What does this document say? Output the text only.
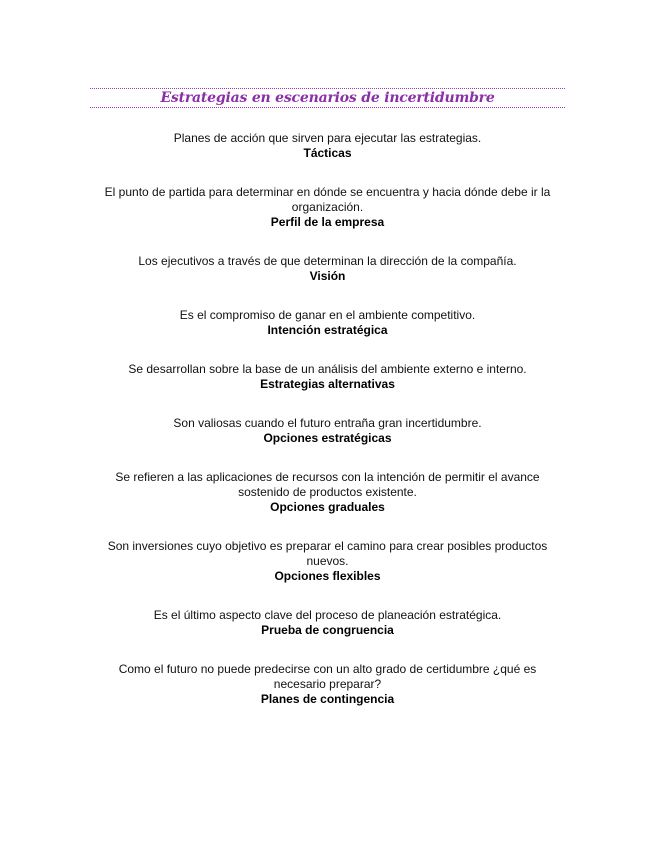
Estrategias en escenarios de incertidumbre
Planes de acción que sirven para ejecutar las estrategias.
Tácticas
El punto de partida para determinar en dónde se encuentra y hacia dónde debe ir la organización.
Perfil de la empresa
Los ejecutivos a través de que determinan la dirección de la compañía.
Visión
Es el compromiso de ganar en el ambiente competitivo.
Intención estratégica
Se desarrollan sobre la base de un análisis del ambiente externo e interno.
Estrategias alternativas
Son valiosas cuando el futuro entraña gran incertidumbre.
Opciones estratégicas
Se refieren a las aplicaciones de recursos con la intención de permitir el avance sostenido de productos existente.
Opciones graduales
Son inversiones cuyo objetivo es preparar el camino para crear posibles productos nuevos.
Opciones flexibles
Es el último aspecto clave del proceso de planeación estratégica.
Prueba de congruencia
Como el futuro no puede predecirse con un alto grado de certidumbre ¿qué es necesario preparar?
Planes de contingencia
